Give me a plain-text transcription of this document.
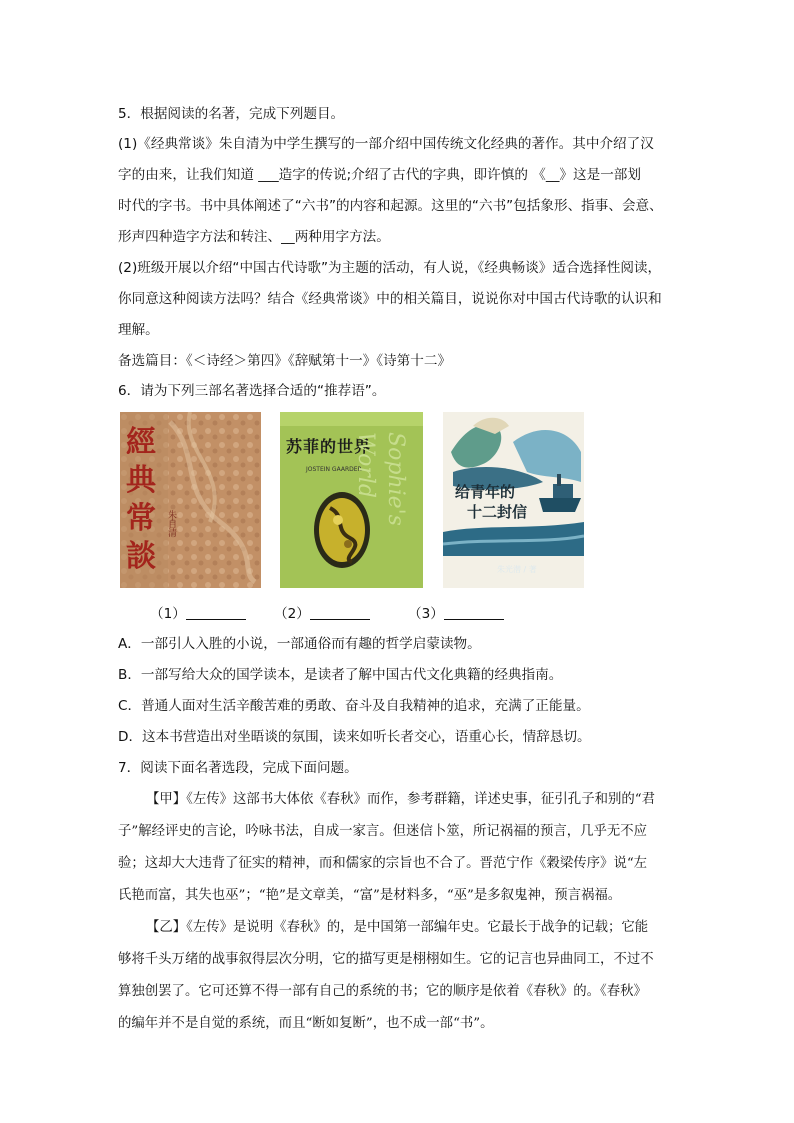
5．根据阅读的名著，完成下列题目。
(1)《经典常谈》朱自清为中学生撰写的一部介绍中国传统文化经典的著作。其中介绍了汉
字的由来，让我们知道 ___造字的传说;介绍了古代的字典，即许慎的 《__》这是一部划
时代的字书。书中具体阐述了“六书”的内容和起源。这里的“六书”包括象形、指事、会意、
形声四种造字方法和转注、__两种用字方法。
(2)班级开展以介绍“中国古代诗歌”为主题的活动，有人说，《经典畅谈》适合选择性阅读，
你同意这种阅读方法吗？结合《经典常谈》中的相关篇目，说说你对中国古代诗歌的认识和
理解。
备选篇目：《＜诗经＞第四》《辞赋第十一》《诗第十二》
6．请为下列三部名著选择合适的“推荐语”。
經典常談
朱自清
苏菲的世界
JOSTEIN GAARDER Sophie's World	给青年的
十二封信
朱光潜 / 著
（1）	（2）	（3）
A．一部引人入胜的小说，一部通俗而有趣的哲学启蒙读物。
B．一部写给大众的国学读本，是读者了解中国古代文化典籍的经典指南。
C．普通人面对生活辛酸苦难的勇敢、奋斗及自我精神的追求，充满了正能量。
D．这本书营造出对坐晤谈的氛围，读来如听长者交心，语重心长，情辞恳切。
7．阅读下面名著选段，完成下面问题。
【甲】《左传》这部书大体依《春秋》而作，参考群籍，详述史事，征引孔子和别的“君
子”解经评史的言论，吟咏书法，自成一家言。但迷信卜筮，所记祸福的预言，几乎无不应
验；这却大大违背了征实的精神，而和儒家的宗旨也不合了。晋范宁作《穀梁传序》说“左
氏艳而富，其失也巫”；“艳”是文章美，“富”是材料多，“巫”是多叙鬼神，预言祸福。
【乙】《左传》是说明《春秋》的，是中国第一部编年史。它最长于战争的记载；它能
够将千头万绪的战事叙得层次分明，它的描写更是栩栩如生。它的记言也异曲同工，不过不
算独创罢了。它可还算不得一部有自己的系统的书；它的顺序是依着《春秋》的。《春秋》
的编年并不是自觉的系统，而且“断如复断”，也不成一部“书”。
